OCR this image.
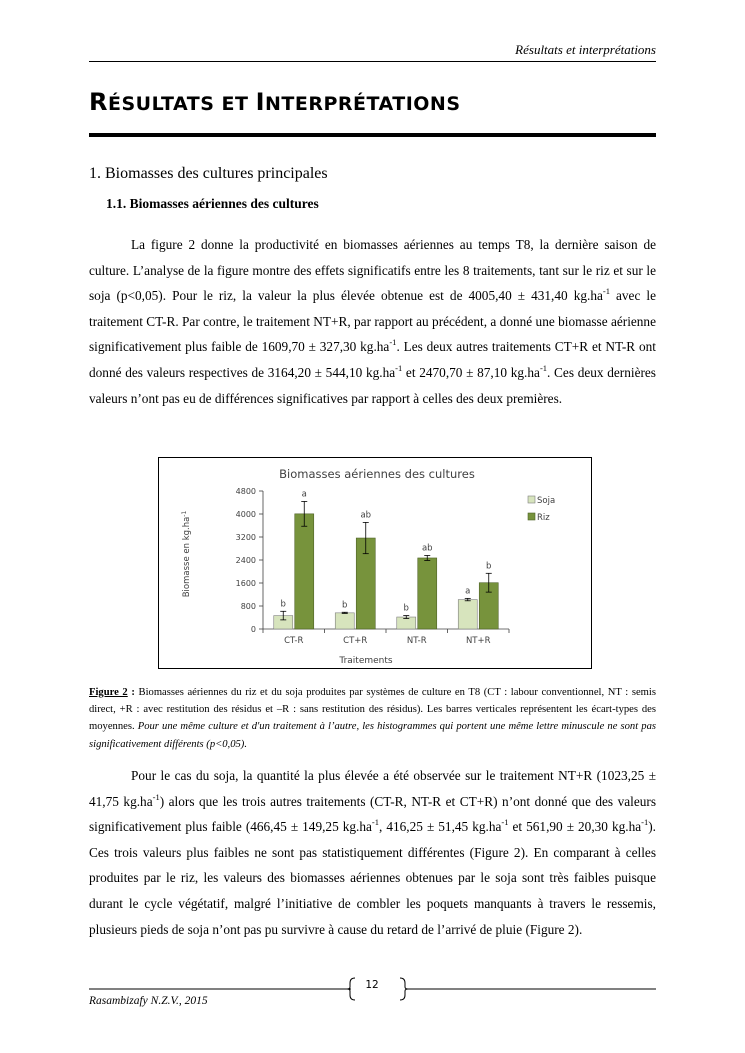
Résultats et interprétations
RÉSULTATS ET INTERPRÉTATIONS
1. Biomasses des cultures principales
1.1. Biomasses aériennes des cultures
La figure 2 donne la productivité en biomasses aériennes au temps T8, la dernière saison de culture. L’analyse de la figure montre des effets significatifs entre les 8 traitements, tant sur le riz et sur le soja (p<0,05). Pour le riz, la valeur la plus élevée obtenue est de 4005,40 ± 431,40 $kg.ha^{-1}$ avec le traitement CT-R. Par contre, le traitement NT+R, par rapport au précédent, a donné une biomasse aérienne significativement plus faible de 1609,70 ± 327,30 $kg.ha^{-1}$. Les deux autres traitements CT+R et NT-R ont donné des valeurs respectives de 3164,20 ± 544,10 $kg.ha^{-1}$ et 2470,70 ± 87,10 $kg.ha^{-1}$. Ces deux dernières valeurs n’ont pas eu de différences significatives par rapport à celles des deux premières.
Biomasses aériennes des cultures
Biomasse en $kg.ha^{-1}$
Traitements
0
800
1600
2400
3200
4000
4800
CT-R	CT+R	NT-R	NT+R
b
a
b
ab
b
ab
a
b
Soja
Riz
Figure 2 : Biomasses aériennes du riz et du soja produites par systèmes de culture en T8 (CT : labour conventionnel, NT : semis direct, +R : avec restitution des résidus et –R : sans restitution des résidus). Les barres verticales représentent les écart-types des moyennes. Pour une même culture et d'un traitement à l’autre, les histogrammes qui portent une même lettre minuscule ne sont pas significativement différents (p<0,05).
Pour le cas du soja, la quantité la plus élevée a été observée sur le traitement NT+R (1023,25 ± 41,75 $kg.ha^{-1}$) alors que les trois autres traitements (CT-R, NT-R et CT+R) n’ont donné que des valeurs significativement plus faible (466,45 ± 149,25 $kg.ha^{-1}$, 416,25 ± 51,45 $kg.ha^{-1}$ et 561,90 ± 20,30 $kg.ha^{-1}$). Ces trois valeurs plus faibles ne sont pas statistiquement différentes (Figure 2). En comparant à celles produites par le riz, les valeurs des biomasses aériennes obtenues par le soja sont très faibles puisque durant le cycle végétatif, malgré l’initiative de combler les poquets manquants à travers le ressemis, plusieurs pieds de soja n’ont pas pu survivre à cause du retard de l’arrivé de pluie (Figure 2).
12
Rasambizafy N.Z.V., 2015
